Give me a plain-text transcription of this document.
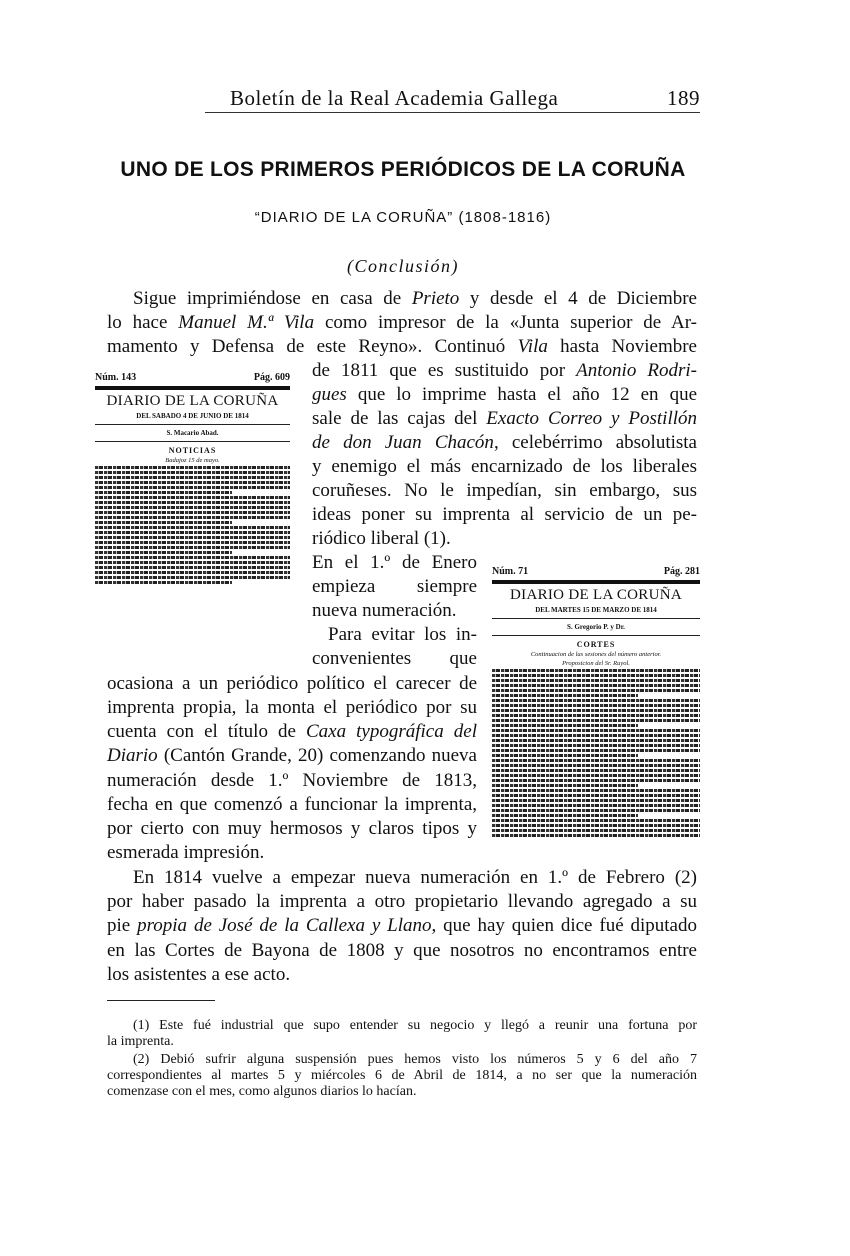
Boletín de la Real Academia Gallega	189
UNO DE LOS PRIMEROS PERIÓDICOS DE LA CORUÑA
“DIARIO DE LA CORUÑA” (1808-1816)
(Conclusión)
Sigue imprimiéndose en casa de Prieto y desde el 4 de Diciembre
lo hace Manuel M.ª Vila como impresor de la «Junta superior de Ar-
mamento y Defensa de este Reyno». Continuó Vila hasta Noviembre
de 1811 que es sustituido por Antonio Rodri-
gues que lo imprime hasta el año 12 en que
sale de las cajas del Exacto Correo y Postillón
de don Juan Chacón, celebérrimo absolutista
y enemigo el más encarnizado de los liberales
coruñeses. No le impedían, sin embargo, sus
ideas poner su imprenta al servicio de un pe-
riódico liberal (1).
En el 1.º de Enero
empieza siempre
nueva numeración.
Para evitar los in-
convenientes que
ocasiona a un periódico político el carecer de
imprenta propia, la monta el periódico por su
cuenta con el título de Caxa typográfica del
Diario (Cantón Grande, 20) comenzando nueva
numeración desde 1.º Noviembre de 1813,
fecha en que comenzó a funcionar la imprenta,
por cierto con muy hermosos y claros tipos y
esmerada impresión.
En 1814 vuelve a empezar nueva numeración en 1.º de Febrero (2)
por haber pasado la imprenta a otro propietario llevando agregado a su
pie propia de José de la Callexa y Llano, que hay quien dice fué diputado
en las Cortes de Bayona de 1808 y que nosotros no encontramos entre
los asistentes a ese acto.
Núm. 143	Pág. 609
DIARIO DE LA CORUÑA
DEL SABADO 4 DE JUNIO DE 1814
S. Macario Abad.
NOTICIAS
Badajoz 15 de mayo.
Núm. 71	Pág. 281
DIARIO DE LA CORUÑA
DEL MARTES 15 DE MARZO DE 1814
S. Gregorio P. y Dr.
CORTES
Continuacion de las sesiones del número anterior.
Proposicion del Sr. Ruyol.
(1) Este fué industrial que supo entender su negocio y llegó a reunir una fortuna por
la imprenta.
(2) Debió sufrir alguna suspensión pues hemos visto los números 5 y 6 del año 7
correspondientes al martes 5 y miércoles 6 de Abril de 1814, a no ser que la numeración
comenzase con el mes, como algunos diarios lo hacían.
